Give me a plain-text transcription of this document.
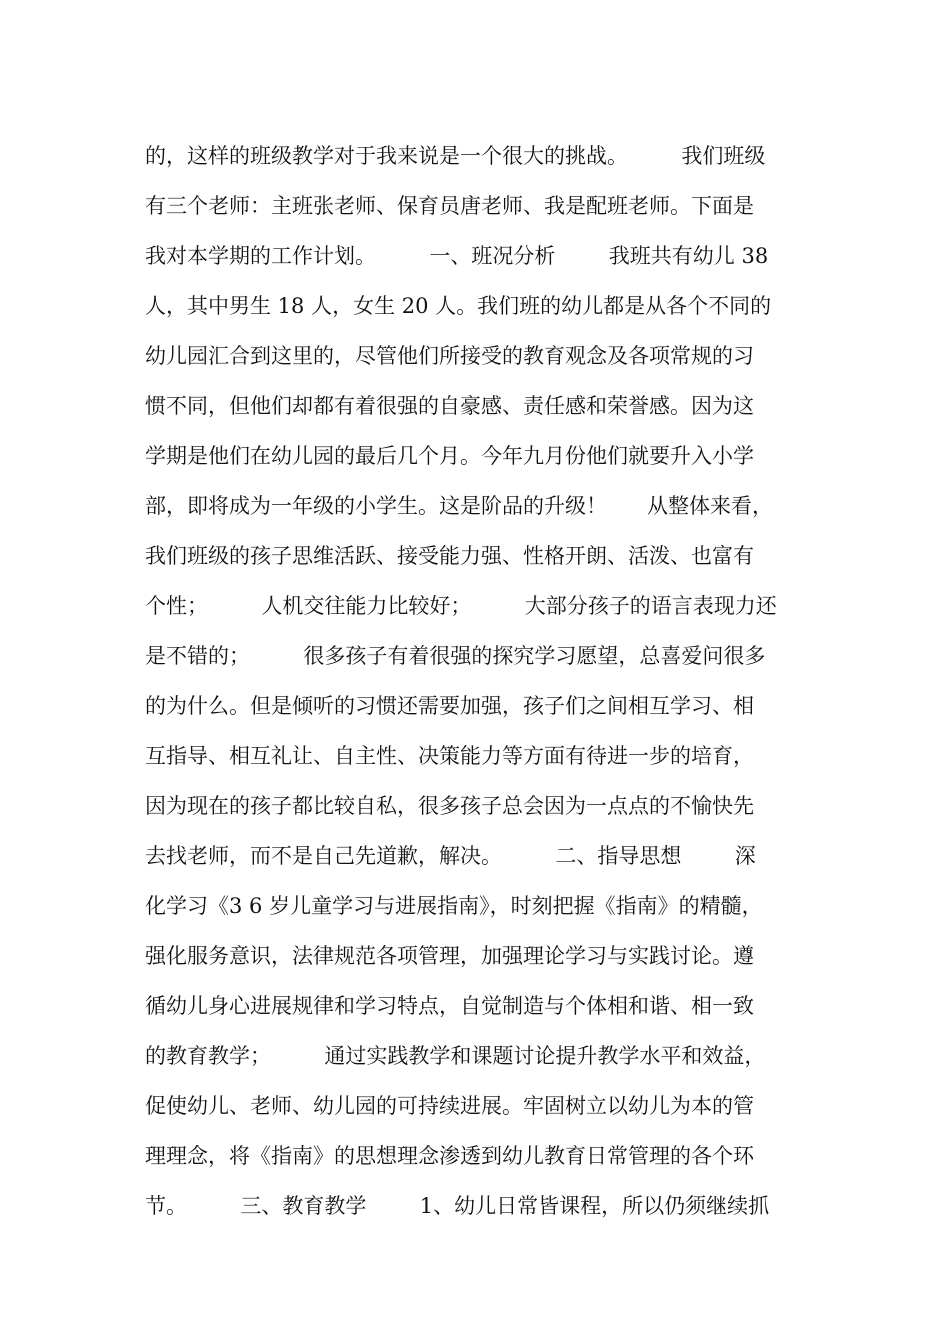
的，这样的班级教学对于我来说是一个很大的挑战。        我们班级
有三个老师：主班张老师、保育员唐老师、我是配班老师。下面是
我对本学期的工作计划。        一、班况分析        我班共有幼儿 38
人，其中男生 18 人，女生 20 人。我们班的幼儿都是从各个不同的
幼儿园汇合到这里的，尽管他们所接受的教育观念及各项常规的习
惯不同，但他们却都有着很强的自豪感、责任感和荣誉感。因为这
学期是他们在幼儿园的最后几个月。今年九月份他们就要升入小学
部，即将成为一年级的小学生。这是阶品的升级！      从整体来看，
我们班级的孩子思维活跃、接受能力强、性格开朗、活泼、也富有
个性；        人机交往能力比较好；        大部分孩子的语言表现力还
是不错的；        很多孩子有着很强的探究学习愿望，总喜爱问很多
的为什么。但是倾听的习惯还需要加强，孩子们之间相互学习、相
互指导、相互礼让、自主性、决策能力等方面有待进一步的培育，
因为现在的孩子都比较自私，很多孩子总会因为一点点的不愉快先
去找老师，而不是自己先道歉，解决。        二、指导思想        深
化学习《3 6 岁儿童学习与进展指南》，时刻把握《指南》的精髓，
强化服务意识，法律规范各项管理，加强理论学习与实践讨论。遵
循幼儿身心进展规律和学习特点，自觉制造与个体相和谐、相一致
的教育教学；        通过实践教学和课题讨论提升教学水平和效益，
促使幼儿、老师、幼儿园的可持续进展。牢固树立以幼儿为本的管
理理念，将《指南》的思想理念渗透到幼儿教育日常管理的各个环
节。        三、教育教学        1、幼儿日常皆课程，所以仍须继续抓
